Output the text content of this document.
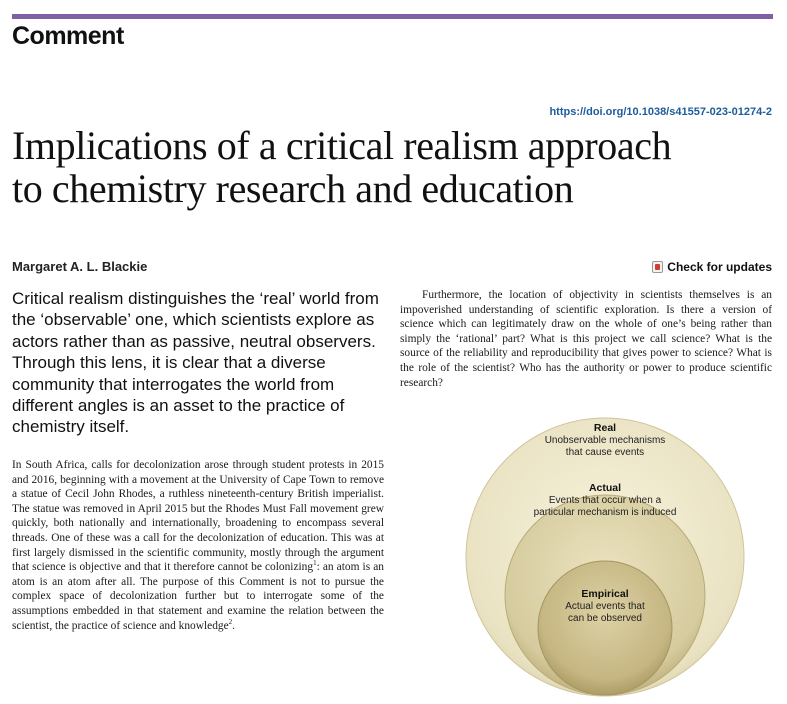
Comment
https://doi.org/10.1038/s41557-023-01274-2
Implications of a critical realism approach
to chemistry research and education
Margaret A. L. Blackie	Check for updates

Critical realism distinguishes the ‘real’ world from the ‘observable’ one, which scientists explore as actors rather than as passive, neutral observers. Through this lens, it is clear that a diverse community that interrogates the world from different angles is an asset to the practice of chemistry itself.

In South Africa, calls for decolonization arose through student protests in 2015 and 2016, beginning with a movement at the University of Cape Town to remove a statue of Cecil John Rhodes, a ruthless nineteenth-century British imperialist. The statue was removed in April 2015 but the Rhodes Must Fall movement grew quickly, both nationally and internationally, broadening to encompass several threads. One of these was a call for the decolonization of education. This was at first largely dismissed in the scientific community, mostly through the argument that science is objective and that it therefore cannot be colonizing$^1$: an atom is an atom is an atom after all. The purpose of this Comment is not to pursue the complex space of decolonization further but to interrogate some of the assumptions embedded in that statement and examine the relation between the scientist, the practice of science and knowledge$^2$.

Furthermore, the location of objectivity in scientists themselves is an impoverished understanding of scientific exploration. Is there a version of science which can legitimately draw on the whole of one’s being rather than simply the ‘rational’ part? What is this project we call science? What is the source of the reliability and reproducibility that gives power to science? What is the role of the scientist? Who has the authority or power to produce scientific research?

Real
Unobservable mechanisms
that cause events
Actual
Events that occur when a
particular mechanism is induced
Empirical
Actual events that
can be observed
